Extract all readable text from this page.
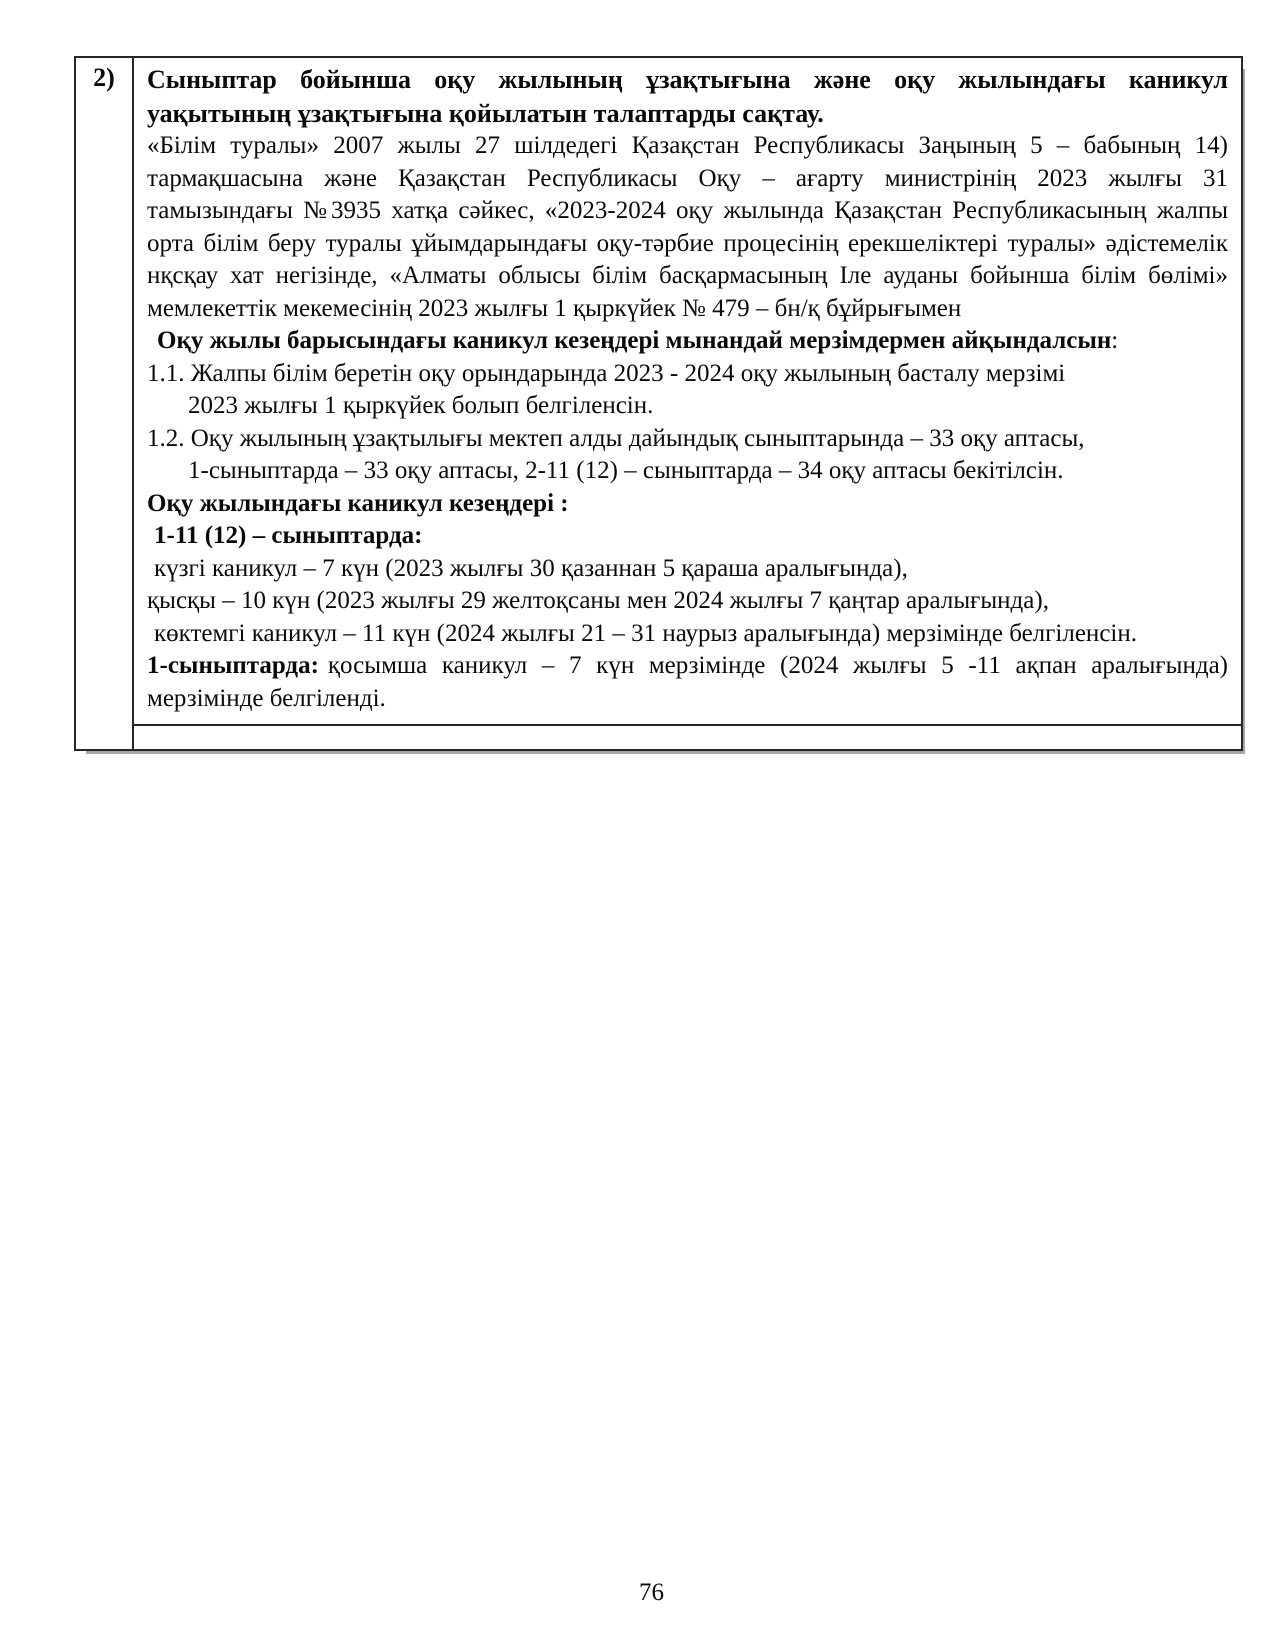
2)	Сыныптар бойынша оқу жылының ұзақтығына және оқу жылындағы каникул уақытының ұзақтығына қойылатын талаптарды сақтау.

«Білім туралы» 2007 жылы 27 шілдедегі Қазақстан Республикасы Заңының 5 – бабының 14) тармақшасына және Қазақстан Республикасы Оқу – ағарту министрінің 2023 жылғы 31 тамызындағы №3935 хатқа сәйкес, «2023-2024 оқу жылында Қазақстан Республикасының жалпы орта білім беру туралы ұйымдарындағы оқу-тәрбие процесінің ерекшеліктері туралы» әдістемелік нқсқау хат негізінде, «Алматы облысы білім басқармасының Іле ауданы бойынша білім бөлімі» мемлекеттік мекемесінің 2023 жылғы 1 қыркүйек № 479 – бн/қ бұйрығымен

Оқу жылы барысындағы каникул кезеңдері мынандай мерзімдермен айқындалсын:

1.1. Жалпы білім беретін оқу орындарында 2023 - 2024 оқу жылының басталу мерзімі
2023 жылғы 1 қыркүйек болып белгіленсін.
1.2. Оқу жылының ұзақтылығы мектеп алды дайындық сыныптарында – 33 оқу аптасы,
1-сыныптарда – 33 оқу аптасы, 2-11 (12) – сыныптарда – 34 оқу аптасы бекітілсін.

Оқу жылындағы каникул кезеңдері :

1-11 (12) – сыныптарда:

күзгі каникул – 7 күн (2023 жылғы 30 қазаннан 5 қараша аралығында),

қысқы – 10 күн (2023 жылғы 29 желтоқсаны мен 2024 жылғы 7 қаңтар аралығында),

көктемгі каникул – 11 күн (2024 жылғы 21 – 31 наурыз аралығында) мерзімінде белгіленсін.

1-сыныптарда: қосымша каникул – 7 күн мерзімінде (2024 жылғы 5 -11 ақпан аралығында) мерзімінде белгіленді.

76
